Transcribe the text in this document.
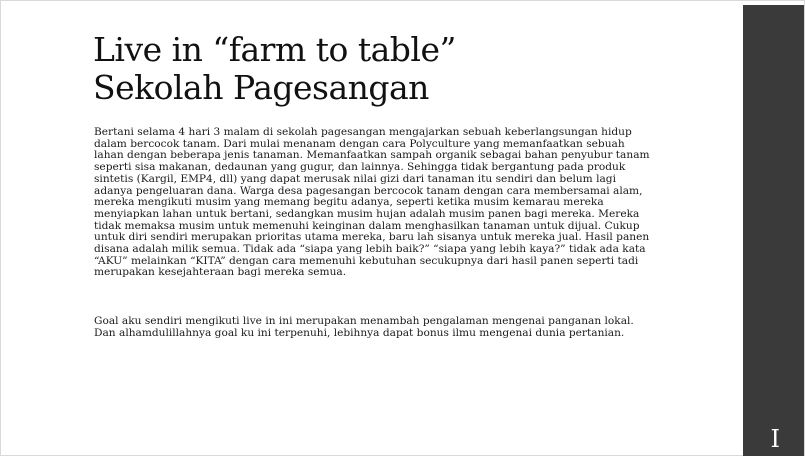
Live in “farm to table”
Sekolah Pagesangan

Bertani selama 4 hari 3 malam di sekolah pagesangan mengajarkan sebuah keberlangsungan hidup dalam bercocok tanam. Dari mulai menanam dengan cara Polyculture yang memanfaatkan sebuah lahan dengan beberapa jenis tanaman. Memanfaatkan sampah organik sebagai bahan penyubur tanam seperti sisa makanan, dedaunan yang gugur, dan lainnya. Sehingga tidak bergantung pada produk sintetis (Kargil, EMP4, dll) yang dapat merusak nilai gizi dari tanaman itu sendiri dan belum lagi adanya pengeluaran dana. Warga desa pagesangan bercocok tanam dengan cara membersamai alam, mereka mengikuti musim yang memang begitu adanya, seperti ketika musim kemarau mereka menyiapkan lahan untuk bertani, sedangkan musim hujan adalah musim panen bagi mereka. Mereka tidak memaksa musim untuk memenuhi keinginan dalam menghasilkan tanaman untuk dijual. Cukup untuk diri sendiri merupakan prioritas utama mereka, baru lah sisanya untuk mereka jual. Hasil panen disana adalah milik semua. Tidak ada “siapa yang lebih baik?” “siapa yang lebih kaya?” tidak ada kata “AKU” melainkan “KITA” dengan cara memenuhi kebutuhan secukupnya dari hasil panen seperti tadi merupakan kesejahteraan bagi mereka semua.

Goal aku sendiri mengikuti live in ini merupakan menambah pengalaman mengenai panganan lokal. Dan alhamdulillahnya goal ku ini terpenuhi, lebihnya dapat bonus ilmu mengenai dunia pertanian.

I
